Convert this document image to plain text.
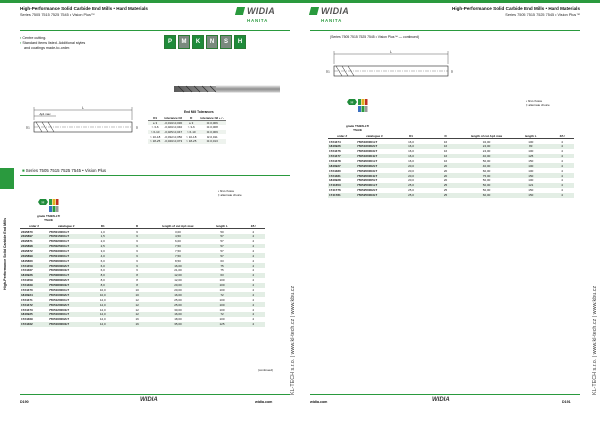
High-Performance Solid Carbide End Mills • Hard Materials
Series 7505 7515 7525 7545 • Vision Plus™	WIDIA
HANITA
▪ Centre cutting.
▪ Standard items listed. Additional styles
and coatings made-to-order.
P M K N S H
End Mill Tolerances
D1	tolerance h6	D	tolerance h6 + / -
≤ 3	-0,010/-0,030	≤ 3	0/-0,006
> 3-6	-0,020/-0,040	> 3-6	0/-0,008
> 6-10	-0,025/-0,047	> 6-10	0/-0,009
> 10-18	-0,032/-0,050	> 10-18	0/-0,011
> 18-25	-0,040/-0,073	> 18-25	0/-0,013
L
Ap1 max
D1	D
■ Series 7505 7515 7525 7545 • Vision Plus
• first choice
‡ alternate choice
H
grade TS/EN-LT/
TSA/E
order #	catalogue #	D1	D	length of cut Ap1 max	length L	Z/U
2495870	7505010001LT	1,0	6	3,00	50	4
2495897	7505015001LT	1,5	6	4,50	57	4
2495871	7505020001LT	2,0	6	6,00	57	4
2495898	7505025001LT	2,5	6	7,50	57	4
2495872	7505030001LT	3,0	6	7,50	57	4
2495899	7505040001LT	4,0	6	7,50	57	4
1845860	7505060001LT	6,0	6	8,50	63	4
1724459	7505060002LT	6,0	6	16,00	75	4
1724467	7505060003LT	6,0	6	21,00	75	4
1840926	7505080001LT	8,0	8	12,00	63	4
1724459	7505080002LT	8,0	8	12,00	100	4
1724469	7505080003LT	8,0	8	20,00	100	4
1724470	7505100001LT	10,0	10	20,00	100	4
1840924	7505100002LT	10,0	10	16,00	72	4
1724471	7505120001LT	12,0	12	25,00	100	4
1724472	7505120002LT	12,0	12	25,00	100	4
1724473	7505120003LT	12,0	12	30,00	100	4
1840925	7505160001LT	12,0	12	16,00	72	4
1724469	7505160002LT	12,0	16	18,00	100	4
1724462	7505160003LT	12,0	16	35,00	125	4
(continued)
High-Performance Solid Carbide End Mills
KL-TECH s.r.o. | www.kl-tech.cz | www.kbu.cz
D190	WIDIA	widia.com
WIDIA
HANITA
High-Performance Solid Carbide End Mills • Hard Materials
Series 7505 7515 7525 7545 • Vision Plus™
(Series 7505 7515 7525 7545 • Vision Plus™ — continued)
L
D1	D
• first choice
‡ alternate choice
H
grade TS/EN-LT/
TSA/E
order #	catalogue #	D1	D	length of cut Ap1 max	length L	Z/U
1724474	7505160001LT	16,0	16	32,00	100	4
1840926	7505160002LT	16,0	16	24,00	83	4
1724476	7505160003LT	16,0	16	24,00	100	4
1724477	7505160004LT	16,0	16	40,00	125	4
1724478	7505200001LT	16,0	16	50,00	150	4
1840927	7505200002LT	20,0	20	40,00	100	4
1724480	7505200003LT	20,0	20	60,00	100	4
1724481	7505200004LT	20,0	20	75,00	150	4
1840928	7505200005LT	20,0	20	50,00	100	4
1741653	7505250001LT	25,0	25	50,00	121	4
1741776	7505250002LT	25,0	25	50,00	150	4
1741781	7505250003LT	25,0	25	60,00	150	4
KL-TECH s.r.o. | www.kl-tech.cz | www.kbu.cz
widia.com	WIDIA	D191
